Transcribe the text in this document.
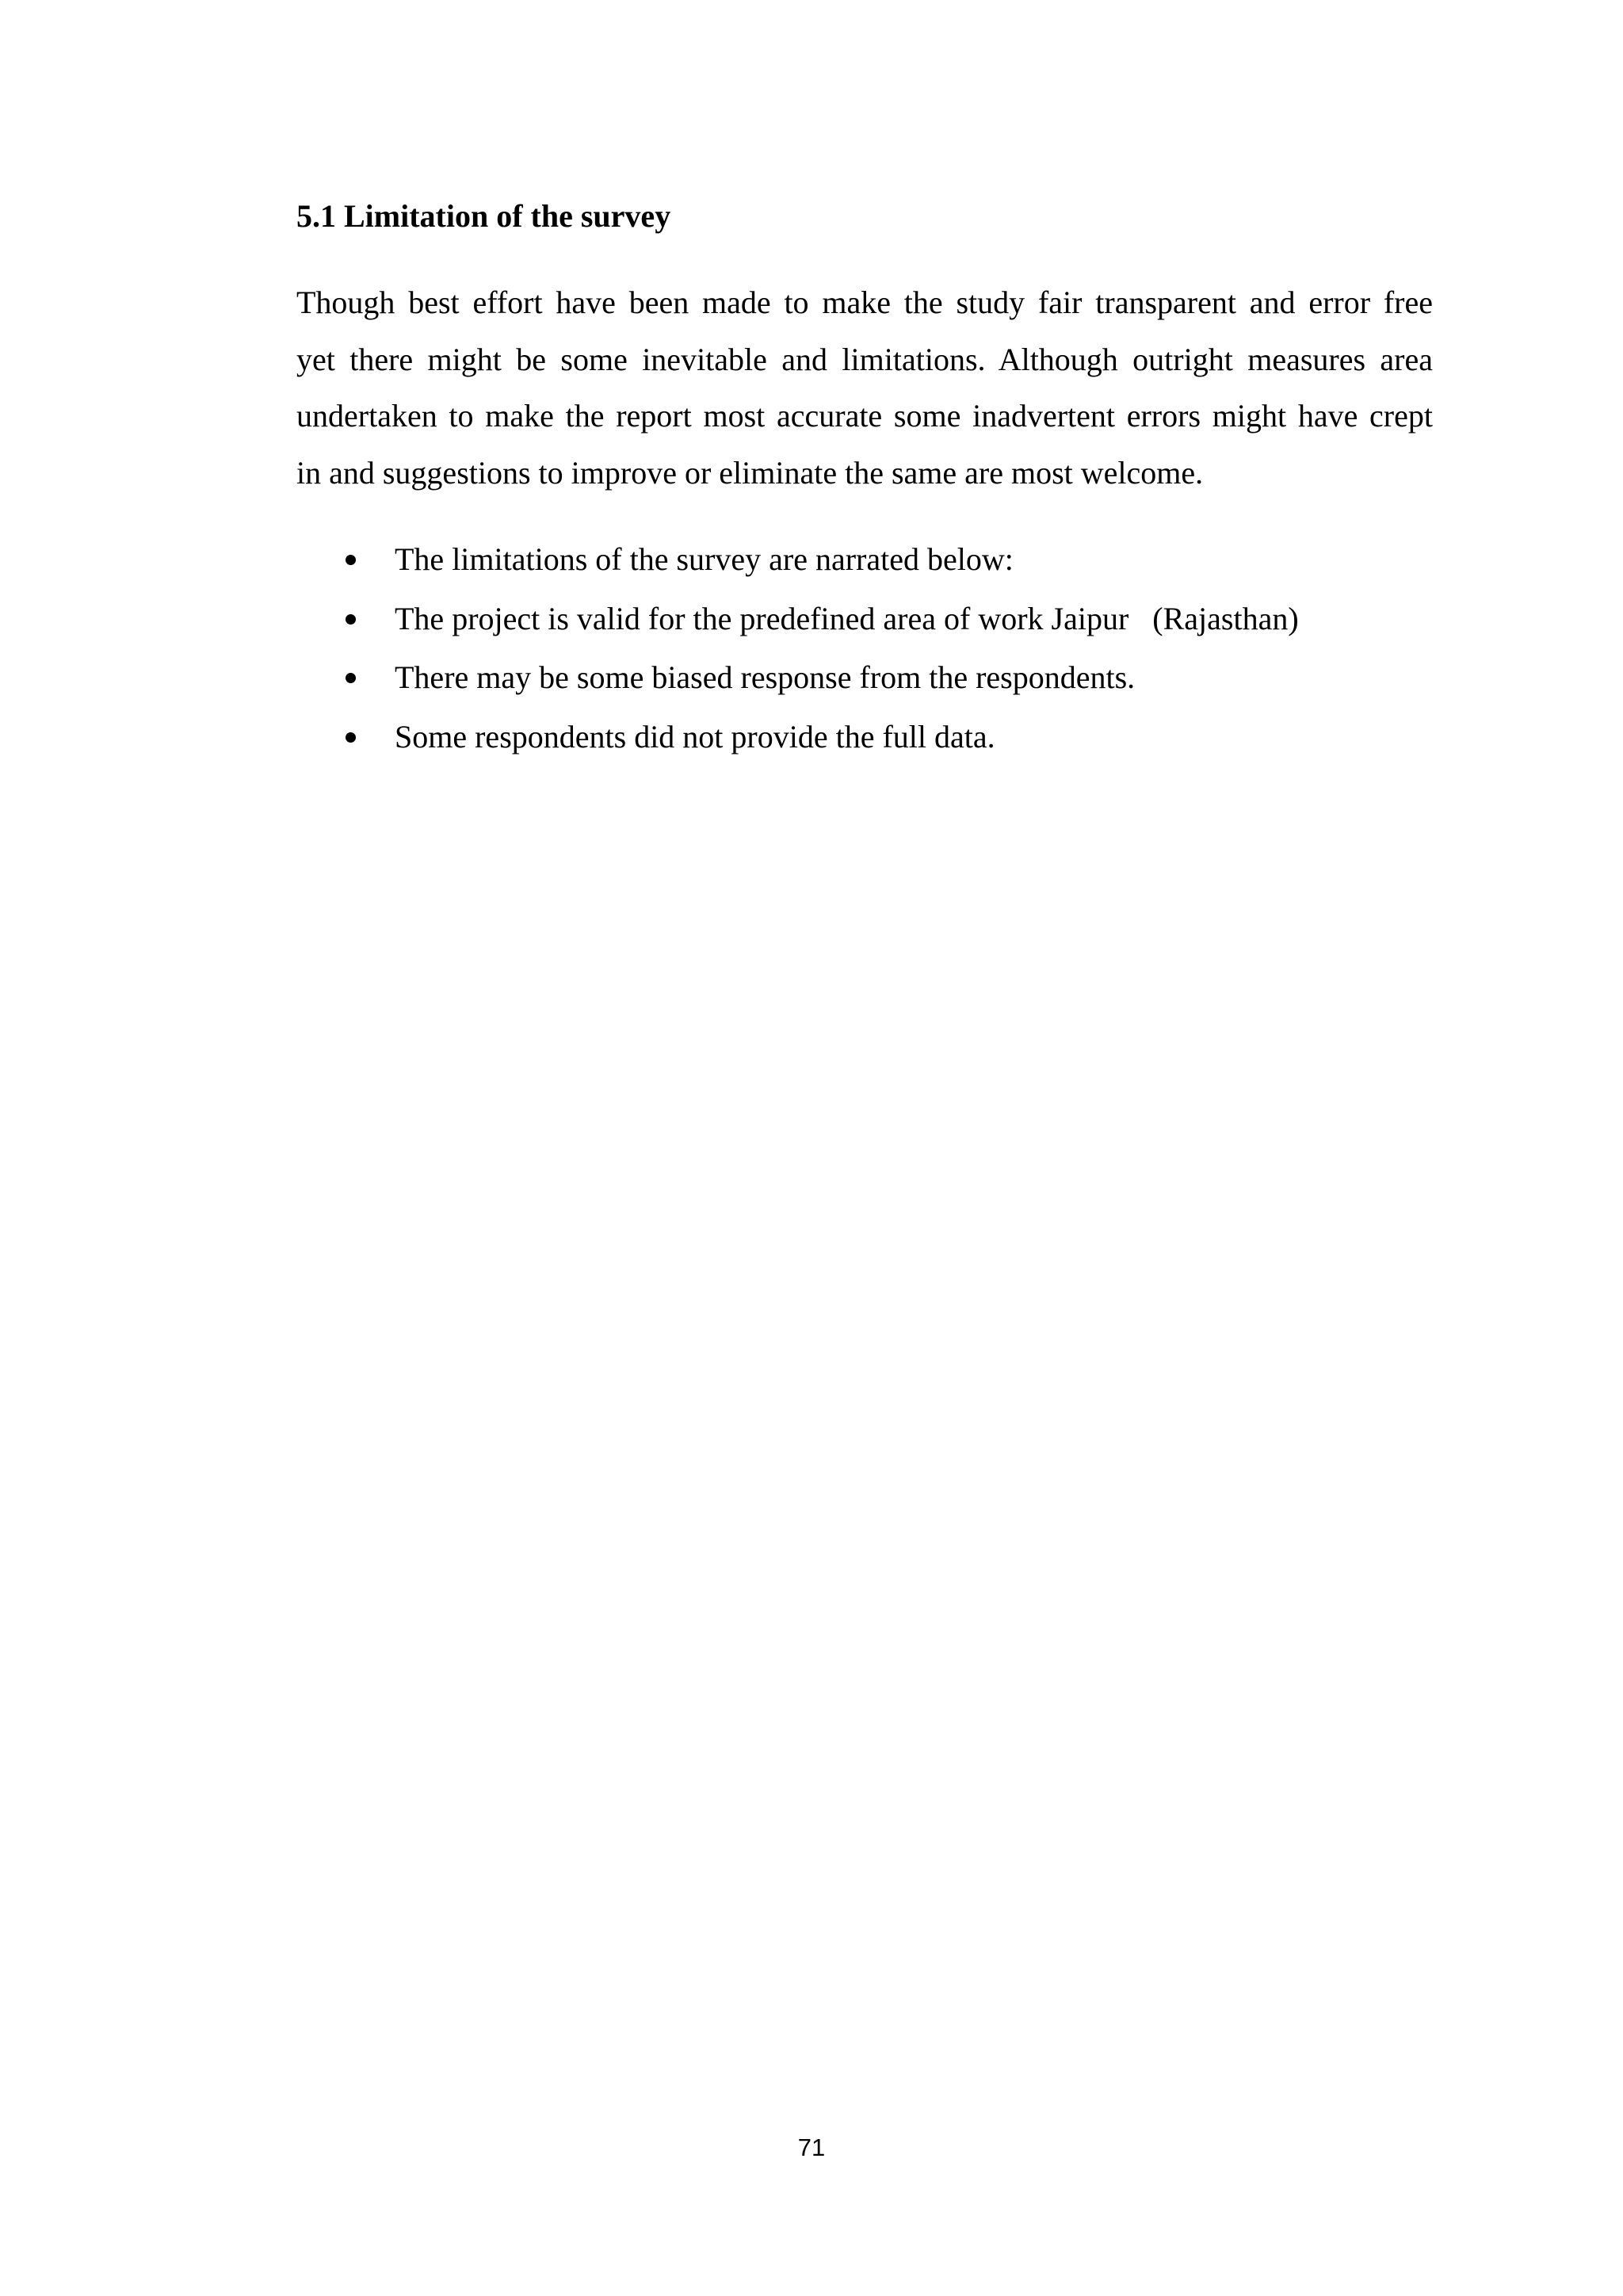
5.1 Limitation of the survey

Though best effort have been made to make the study fair transparent and error free
yet there might be some inevitable and limitations. Although outright measures area
undertaken to make the report most accurate some inadvertent errors might have crept
in and suggestions to improve or eliminate the same are most welcome.

The limitations of the survey are narrated below:
The project is valid for the predefined area of work Jaipur   (Rajasthan)
There may be some biased response from the respondents.
Some respondents did not provide the full data.
71
